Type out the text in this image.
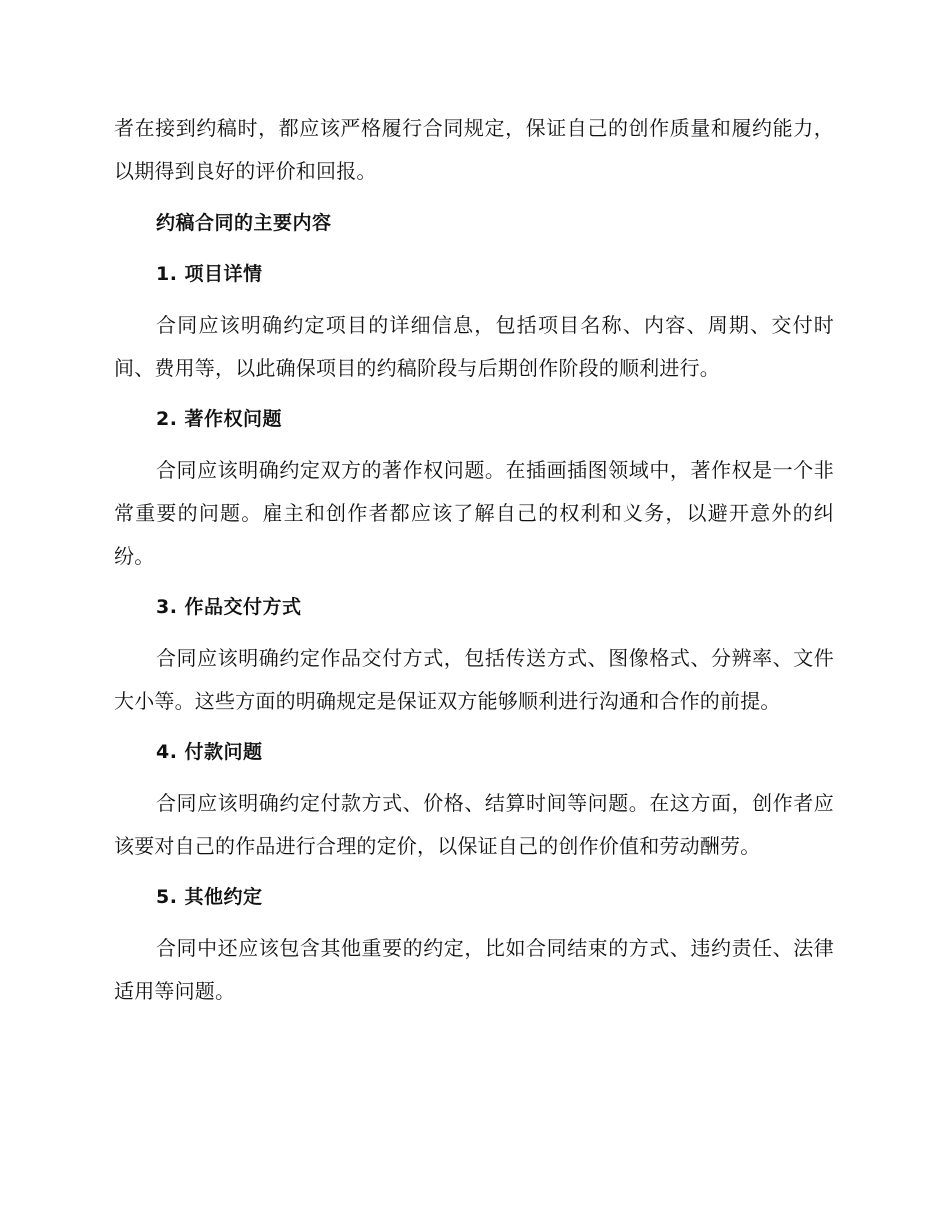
者在接到约稿时，都应该严格履行合同规定，保证自己的创作质量和履约能力，以期得到良好的评价和回报。

约稿合同的主要内容

1. 项目详情

合同应该明确约定项目的详细信息，包括项目名称、内容、周期、交付时间、费用等，以此确保项目的约稿阶段与后期创作阶段的顺利进行。

2. 著作权问题

合同应该明确约定双方的著作权问题。在插画插图领域中，著作权是一个非常重要的问题。雇主和创作者都应该了解自己的权利和义务，以避开意外的纠纷。

3. 作品交付方式

合同应该明确约定作品交付方式，包括传送方式、图像格式、分辨率、文件大小等。这些方面的明确规定是保证双方能够顺利进行沟通和合作的前提。

4. 付款问题

合同应该明确约定付款方式、价格、结算时间等问题。在这方面，创作者应该要对自己的作品进行合理的定价，以保证自己的创作价值和劳动酬劳。

5. 其他约定

合同中还应该包含其他重要的约定，比如合同结束的方式、违约责任、法律适用等问题。
